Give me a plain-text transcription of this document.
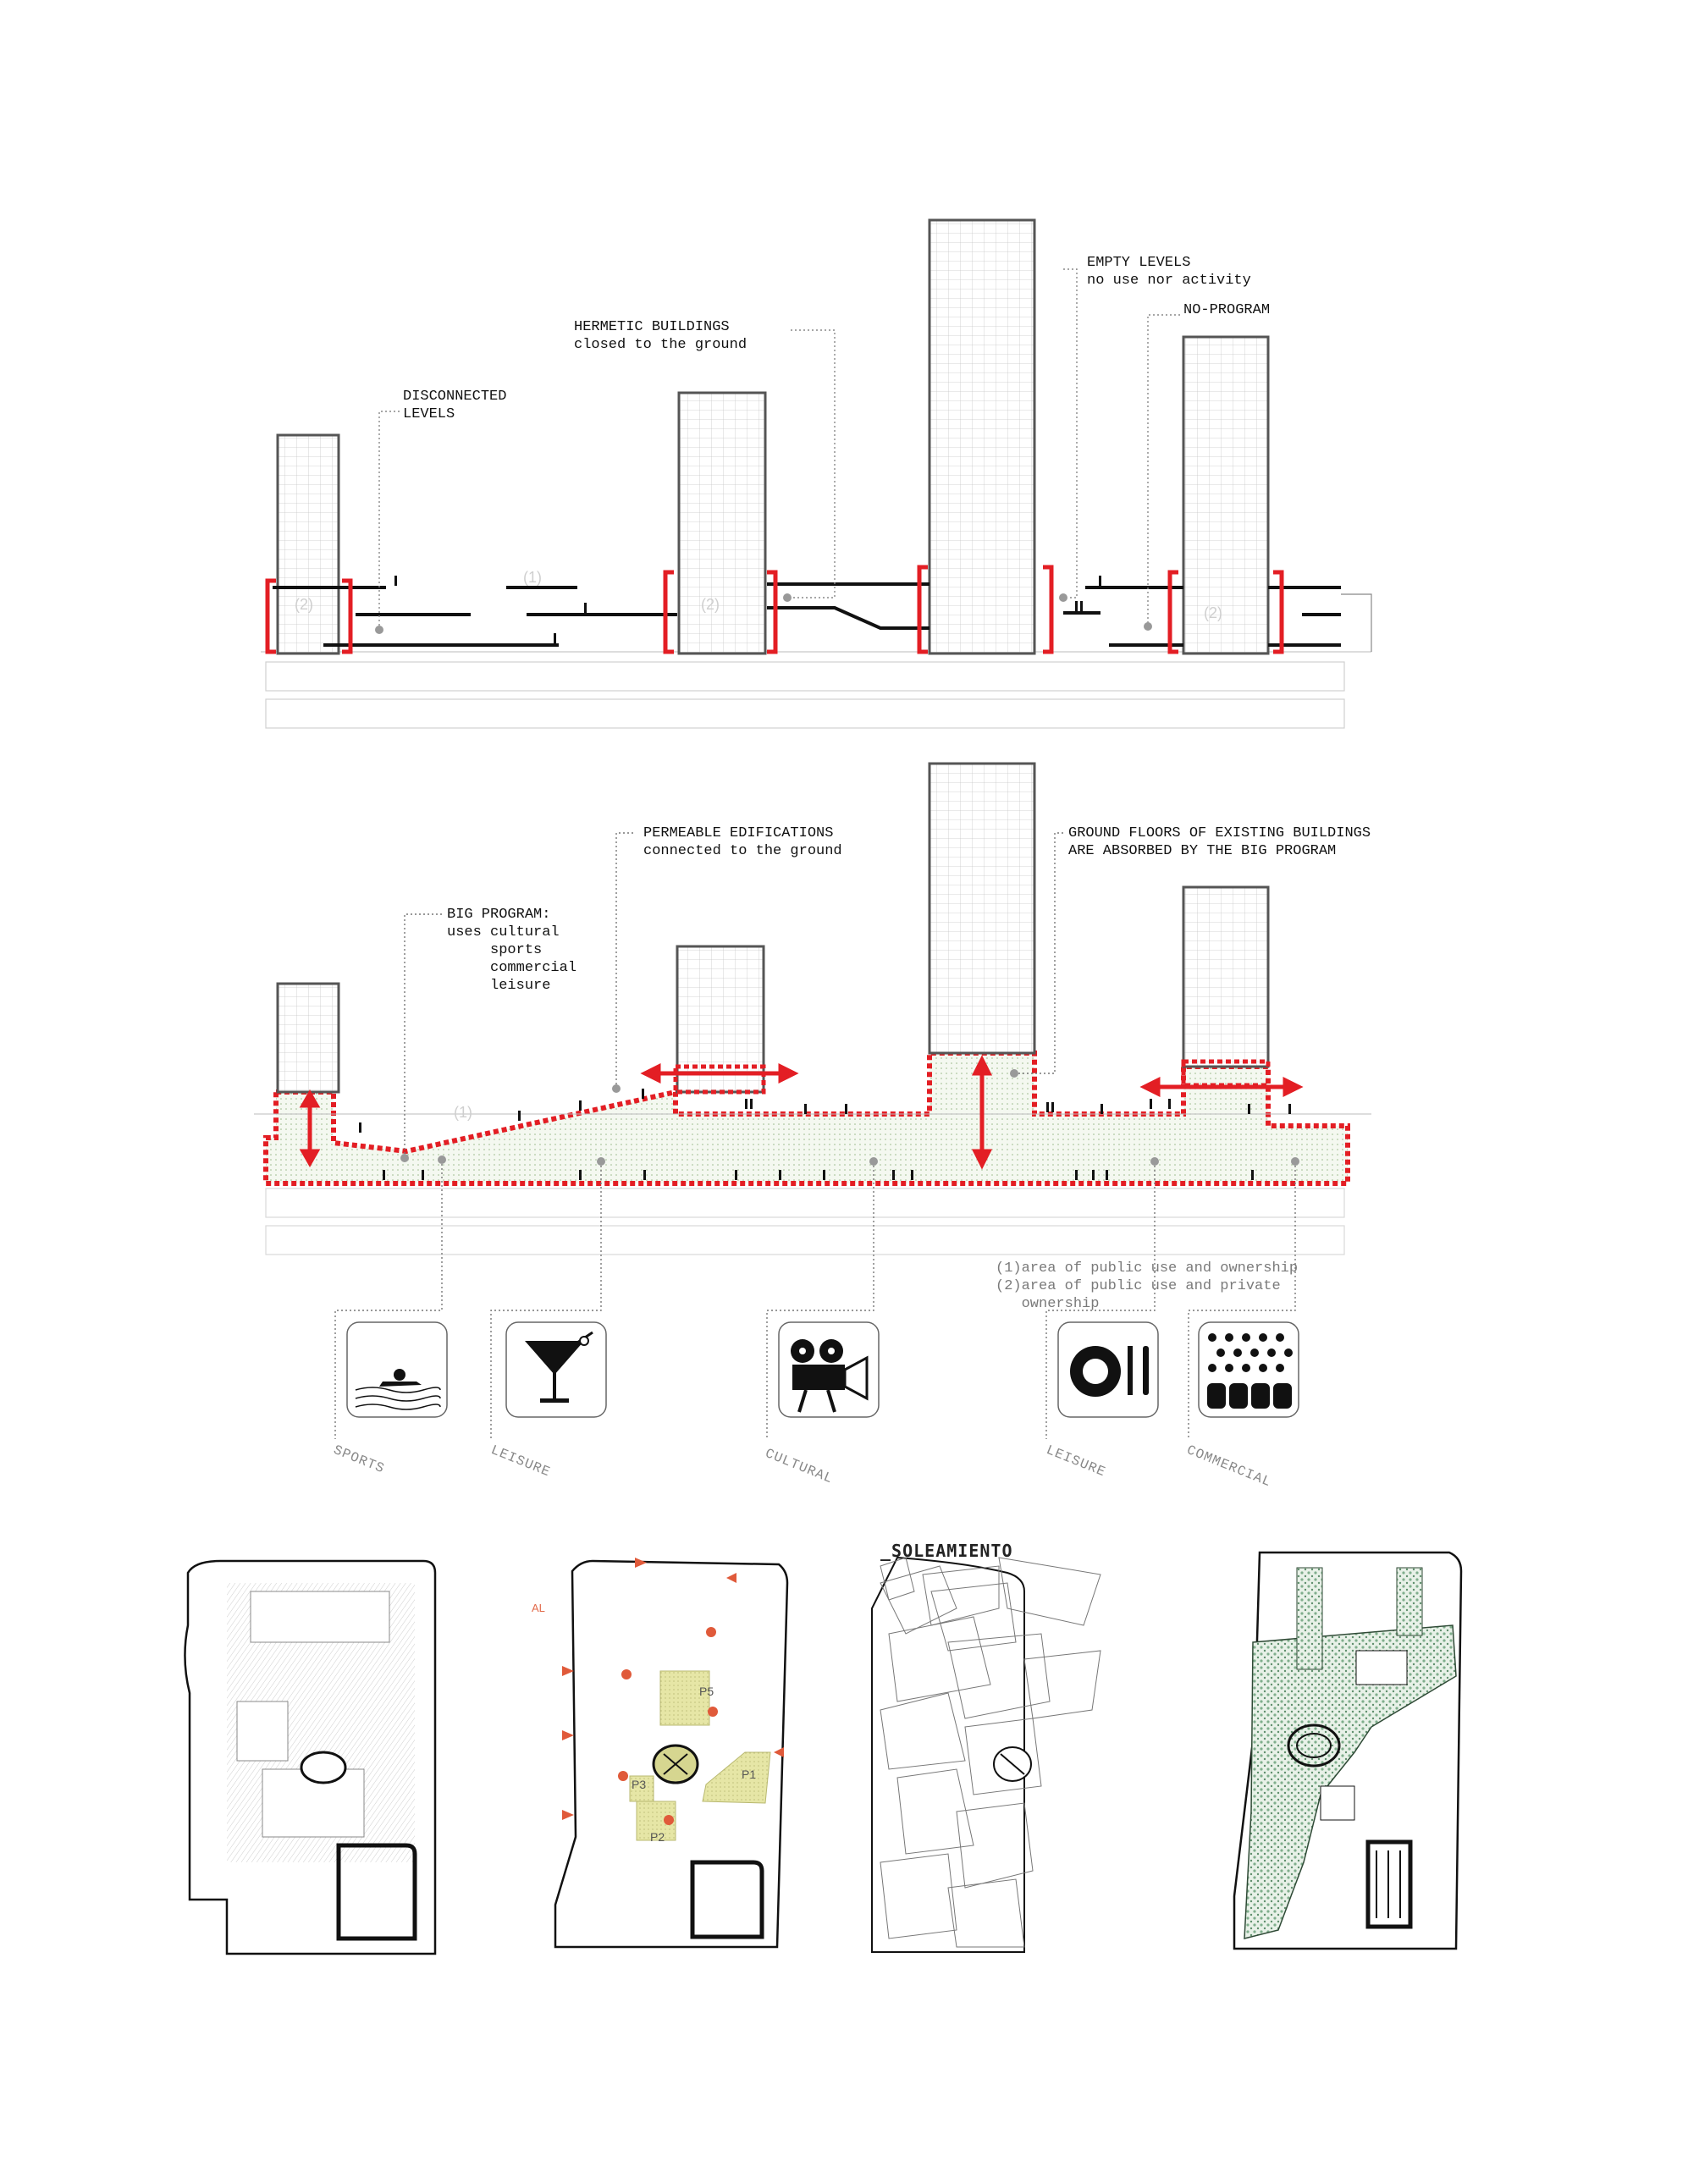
(1)
(2)	(2)	(2)
(1)
DISCONNECTED
LEVELS
HERMETIC BUILDINGS
closed to the ground
EMPTY LEVELS
no use nor activity
NO-PROGRAM
PERMEABLE EDIFICATIONS
connected to the ground
GROUND FLOORS OF EXISTING BUILDINGS
ARE ABSORBED BY THE BIG PROGRAM
BIG PROGRAM:
uses cultural
sports
commercial
leisure
(1)area of public use and ownership
(2)area of public use and private
ownership
SPORTS	LEISURE	CULTURAL	LEISURE	COMMERCIAL
_SOLEAMIENTO
AL
P5
P3
P2
P1
